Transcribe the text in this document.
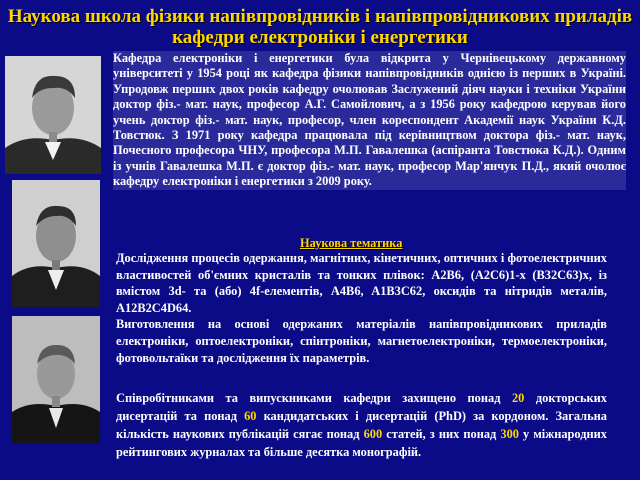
Наукова школа фізики напівпровідників і напівпровідникових приладів
кафедри електроніки і енергетики

Кафедра електроніки і енергетики була відкрита у Чернівецькому державному університеті у 1954 році як кафедра фізики напівпровідників однією із перших в Україні. Упродовж перших двох років кафедру очолював Заслужений діяч науки і техніки України доктор фіз.- мат. наук, професор А.Г. Самойлович, а з 1956 року кафедрою керував його учень доктор фіз.- мат. наук, професор, член кореспондент Академії наук України К.Д. Товстюк. З 1971 року кафедра працювала під керівництвом доктора фіз.- мат. наук, Почесного професора ЧНУ, професора М.П. Гавалешка (аспіранта Товстюка К.Д.). Одним із учнів Гавалешка М.П. є доктор фіз.- мат. наук, професор Мар'янчук П.Д., який очолює кафедру електроніки і енергетики з 2009 року.

Наукова тематика

Дослідження процесів одержання, магнітних, кінетичних, оптичних і фотоелектричних властивостей об'ємних кристалів та тонких плівок: A2B6, (A2C6)1-x (B32C63)x, із вмістом 3d- та (або) 4f-елементів, A4B6, A1B3C62, оксидів та нітридів металів, A12B2C4D64.

Виготовлення на основі одержаних матеріалів напівпровідникових приладів електроніки, оптоелектроніки, спінтроніки, магнетоелектроніки, термоелектроніки, фотовольтаїки та дослідження їх параметрів.

Співробітниками та випускниками кафедри захищено понад 20 докторських дисертацій та понад 60 кандидатських і дисертацій (PhD) за кордоном. Загальна кількість наукових публікацій сягає понад 600 статей, з них понад 300 у міжнародних рейтингових журналах та більше десятка монографій.
